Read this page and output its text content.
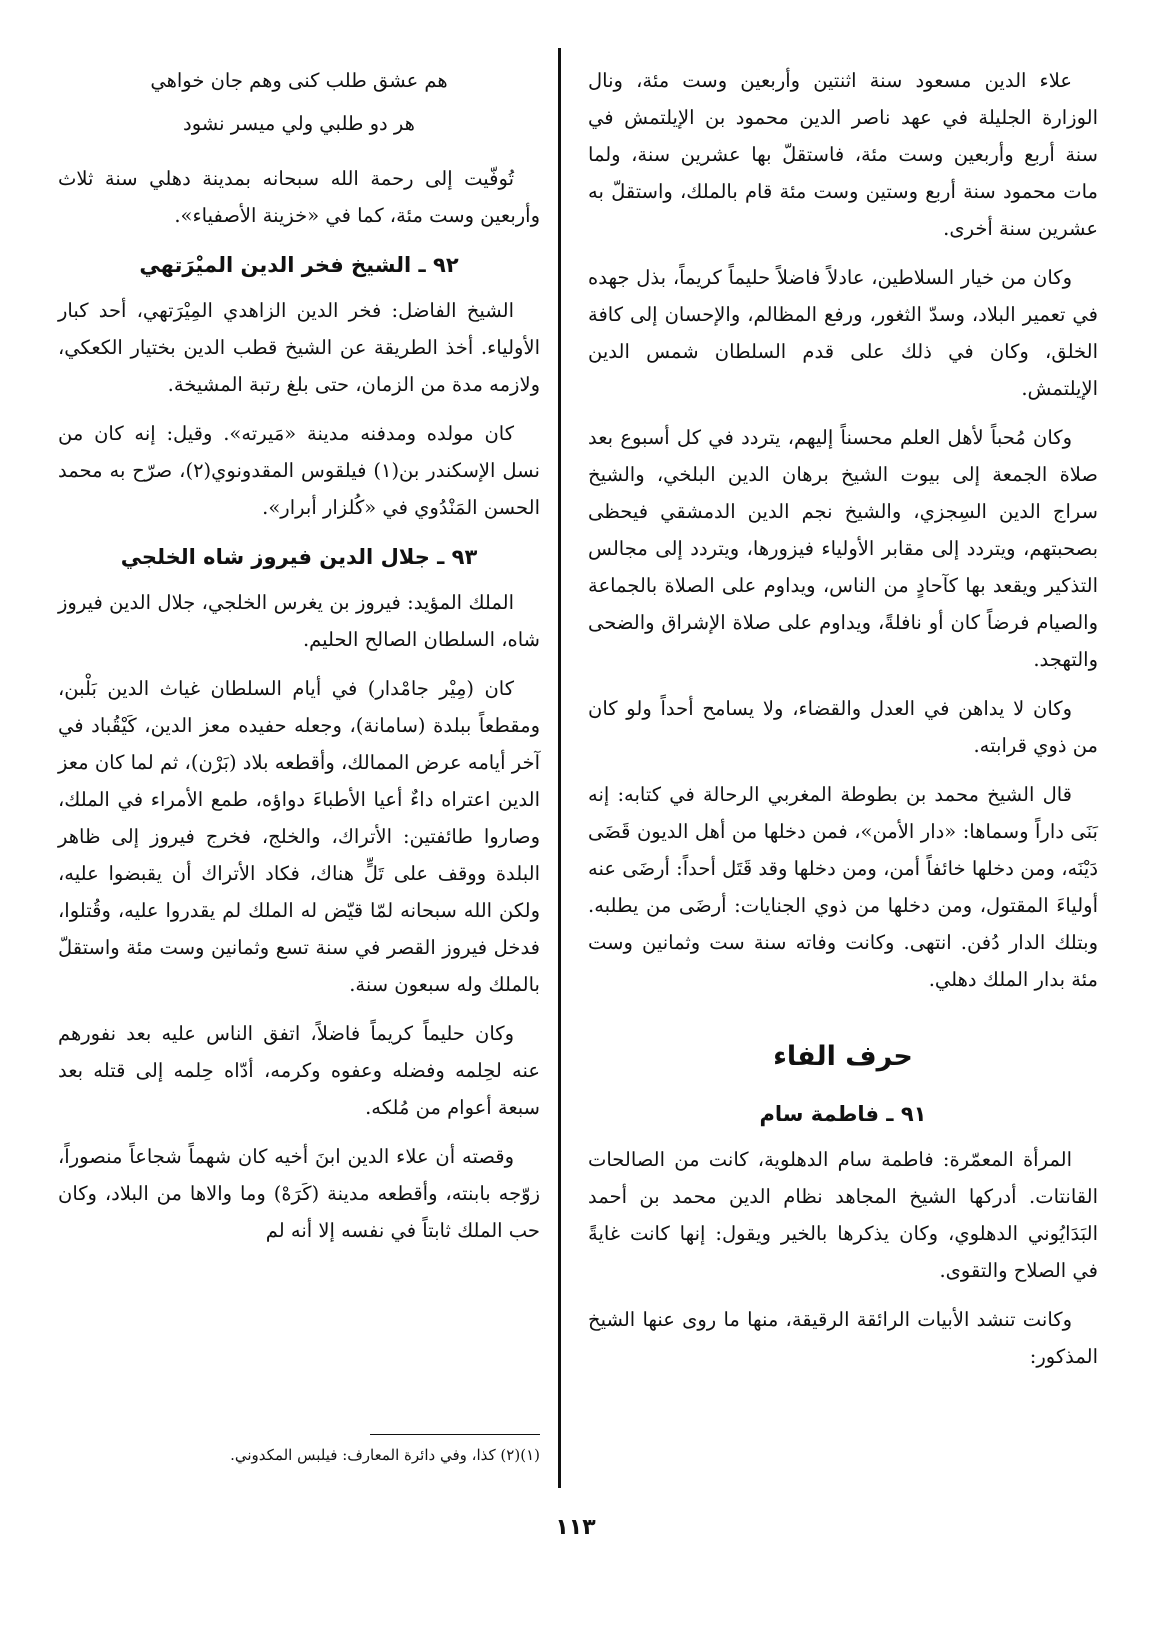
علاء الدين مسعود سنة اثنتين وأربعين وست مئة، ونال الوزارة الجليلة في عهد ناصر الدين محمود بن الإيلتمش في سنة أربع وأربعين وست مئة، فاستقلّ بها عشرين سنة، ولما مات محمود سنة أربع وستين وست مئة قام بالملك، واستقلّ به عشرين سنة أخرى.

وكان من خيار السلاطين، عادلاً فاضلاً حليماً كريماً، بذل جهده في تعمير البلاد، وسدّ الثغور، ورفع المظالم، والإحسان إلى كافة الخلق، وكان في ذلك على قدم السلطان شمس الدين الإيلتمش.

وكان مُحباً لأهل العلم محسناً إليهم، يتردد في كل أسبوع بعد صلاة الجمعة إلى بيوت الشيخ برهان الدين البلخي، والشيخ سراج الدين السِجزي، والشيخ نجم الدين الدمشقي فيحظى بصحبتهم، ويتردد إلى مقابر الأولياء فيزورها، ويتردد إلى مجالس التذكير ويقعد بها كآحادٍ من الناس، ويداوم على الصلاة بالجماعة والصيام فرضاً كان أو نافلةً، ويداوم على صلاة الإشراق والضحى والتهجد.

وكان لا يداهن في العدل والقضاء، ولا يسامح أحداً ولو كان من ذوي قرابته.

قال الشيخ محمد بن بطوطة المغربي الرحالة في كتابه: إنه بَنَى داراً وسماها: «دار الأمن»، فمن دخلها من أهل الديون قَضَى دَيْنَه، ومن دخلها خائفاً أمن، ومن دخلها وقد قَتَل أحداً: أرضَى عنه أولياءَ المقتول، ومن دخلها من ذوي الجنايات: أرضَى من يطلبه. وبتلك الدار دُفن. انتهى. وكانت وفاته سنة ست وثمانين وست مئة بدار الملك دهلي.

حرف الفاء
٩١ ـ فاطمة سام

المرأة المعمّرة: فاطمة سام الدهلوية، كانت من الصالحات القانتات. أدركها الشيخ المجاهد نظام الدين محمد بن أحمد البَدَايُوني الدهلوي، وكان يذكرها بالخير ويقول: إنها كانت غايةً في الصلاح والتقوى.

وكانت تنشد الأبيات الرائقة الرقيقة، منها ما روى عنها الشيخ المذكور:

هم عشق طلب كنى وهم جان خواهي

هر دو طلبي ولي ميسر نشود

تُوفّيت إلى رحمة الله سبحانه بمدينة دهلي سنة ثلاث وأربعين وست مئة، كما في «خزينة الأصفياء».

٩٢ ـ الشيخ فخر الدين الميْرَتهي

الشيخ الفاضل: فخر الدين الزاهدي المِيْرَتهي، أحد كبار الأولياء. أخذ الطريقة عن الشيخ قطب الدين بختيار الكعكي، ولازمه مدة من الزمان، حتى بلغ رتبة المشيخة.

كان مولده ومدفنه مدينة «مَيرته». وقيل: إنه كان من نسل الإسكندر بن(١) فيلقوس المقدونوي(٢)، صرّح به محمد الحسن المَنْدُوي في «كُلزار أبرار».

٩٣ ـ جلال الدين فيروز شاه الخلجي

الملك المؤيد: فيروز بن يغرس الخلجي، جلال الدين فيروز شاه، السلطان الصالح الحليم.

كان (مِيْر جامْدار) في أيام السلطان غياث الدين بَلْبن، ومقطعاً ببلدة (سامانة)، وجعله حفيده معز الدين، كَيْقُباد في آخر أيامه عرض الممالك، وأقطعه بلاد (بَرْن)، ثم لما كان معز الدين اعتراه داءٌ أعيا الأطباءَ دواؤه، طمع الأمراء في الملك، وصاروا طائفتين: الأتراك، والخلج، فخرج فيروز إلى ظاهر البلدة ووقف على تَلٍّ هناك، فكاد الأتراك أن يقبضوا عليه، ولكن الله سبحانه لمّا قيّض له الملك لم يقدروا عليه، وقُتلوا، فدخل فيروز القصر في سنة تسع وثمانين وست مئة واستقلّ بالملك وله سبعون سنة.

وكان حليماً كريماً فاضلاً، اتفق الناس عليه بعد نفورهم عنه لحِلمه وفضله وعفوه وكرمه، أدّاه حِلمه إلى قتله بعد سبعة أعوام من مُلكه.

وقصته أن علاء الدين ابنَ أخيه كان شهماً شجاعاً منصوراً، زوّجه بابنته، وأقطعه مدينة (كَرَهْ) وما والاها من البلاد، وكان حب الملك ثابتاً في نفسه إلا أنه لم

(١)(٢) كذا، وفي دائرة المعارف: فيلبس المكدوني.
١١٣
